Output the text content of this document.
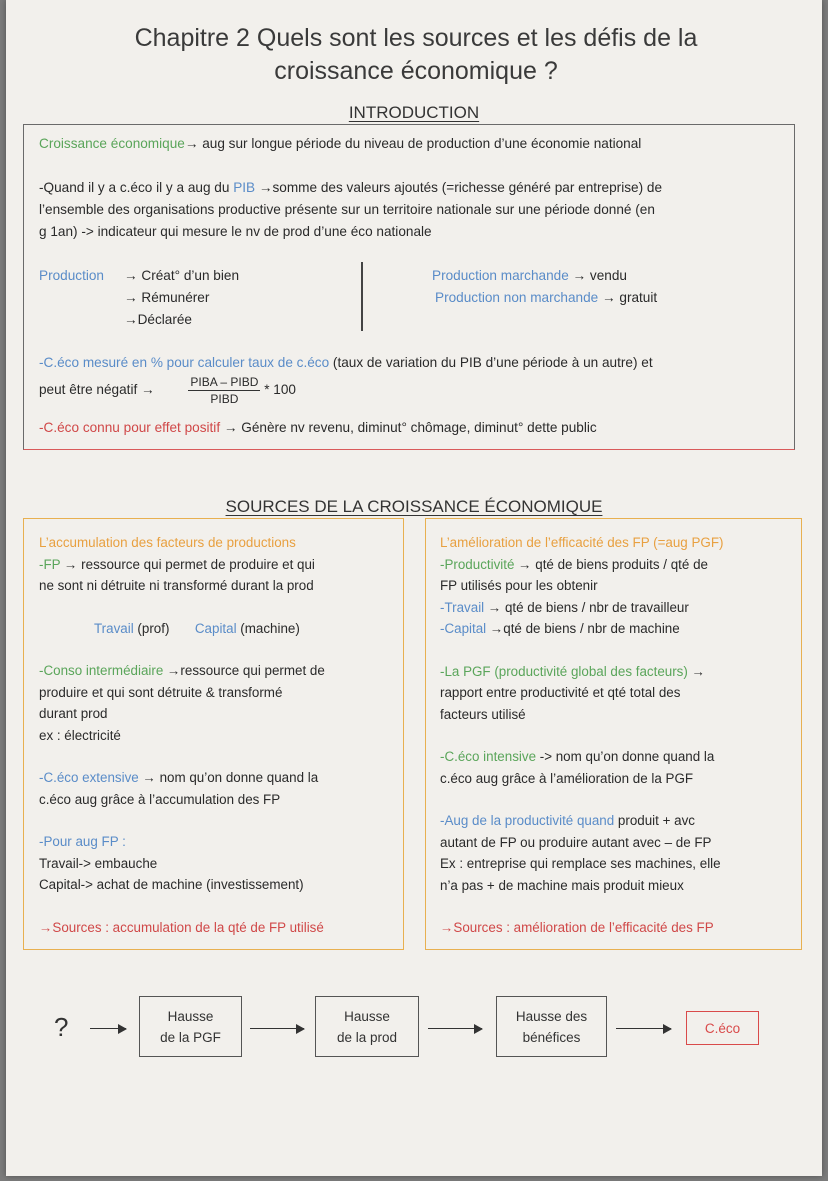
Chapitre 2 Quels sont les sources et les défis de la
croissance économique ?
INTRODUCTION
Croissance économique→ aug sur longue période du niveau de production d’une économie national
-Quand il y a c.éco il y a aug du PIB →somme des valeurs ajoutés (=richesse généré par entreprise) de
l’ensemble des organisations productive présente sur un territoire nationale sur une période donné (en
g 1an) -> indicateur qui mesure le nv de prod d’une éco nationale
Production → Créat° d’un bien
→ Rémunérer
→Déclarée
Production marchande → vendu
Production non marchande → gratuit
-C.éco mesuré en % pour calculer taux de c.éco (taux de variation du PIB d’une période à un autre) et
peut être négatif →	$\frac{\text{PIBA – PIBD}}{\text{PIBD}} * 100$
-C.éco connu pour effet positif → Génère nv revenu, diminut° chômage, diminut° dette public
SOURCES DE LA CROISSANCE ÉCONOMIQUE
L’accumulation des facteurs de productions
-FP → ressource qui permet de produire et qui
ne sont ni détruite ni transformé durant la prod
Travail (prof) Capital (machine)
-Conso intermédiaire →ressource qui permet de
produire et qui sont détruite & transformé
durant prod
ex : électricité
-C.éco extensive → nom qu’on donne quand la
c.éco aug grâce à l’accumulation des FP
-Pour aug FP :
Travail-> embauche
Capital-> achat de machine (investissement)
→Sources : accumulation de la qté de FP utilisé
L’amélioration de l’efficacité des FP (=aug PGF)
-Productivité → qté de biens produits / qté de
FP utilisés pour les obtenir
-Travail → qté de biens / nbr de travailleur
-Capital →qté de biens / nbr de machine
-La PGF (productivité global des facteurs) →
rapport entre productivité et qté total des
facteurs utilisé
-C.éco intensive -> nom qu’on donne quand la
c.éco aug grâce à l’amélioration de la PGF
-Aug de la productivité quand produit + avc
autant de FP ou produire autant avec – de FP
Ex : entreprise qui remplace ses machines, elle
n’a pas + de machine mais produit mieux
→Sources : amélioration de l’efficacité des FP
?	Hausse
de la PGF
Hausse
de la prod
Hausse des
bénéfices
C.éco
